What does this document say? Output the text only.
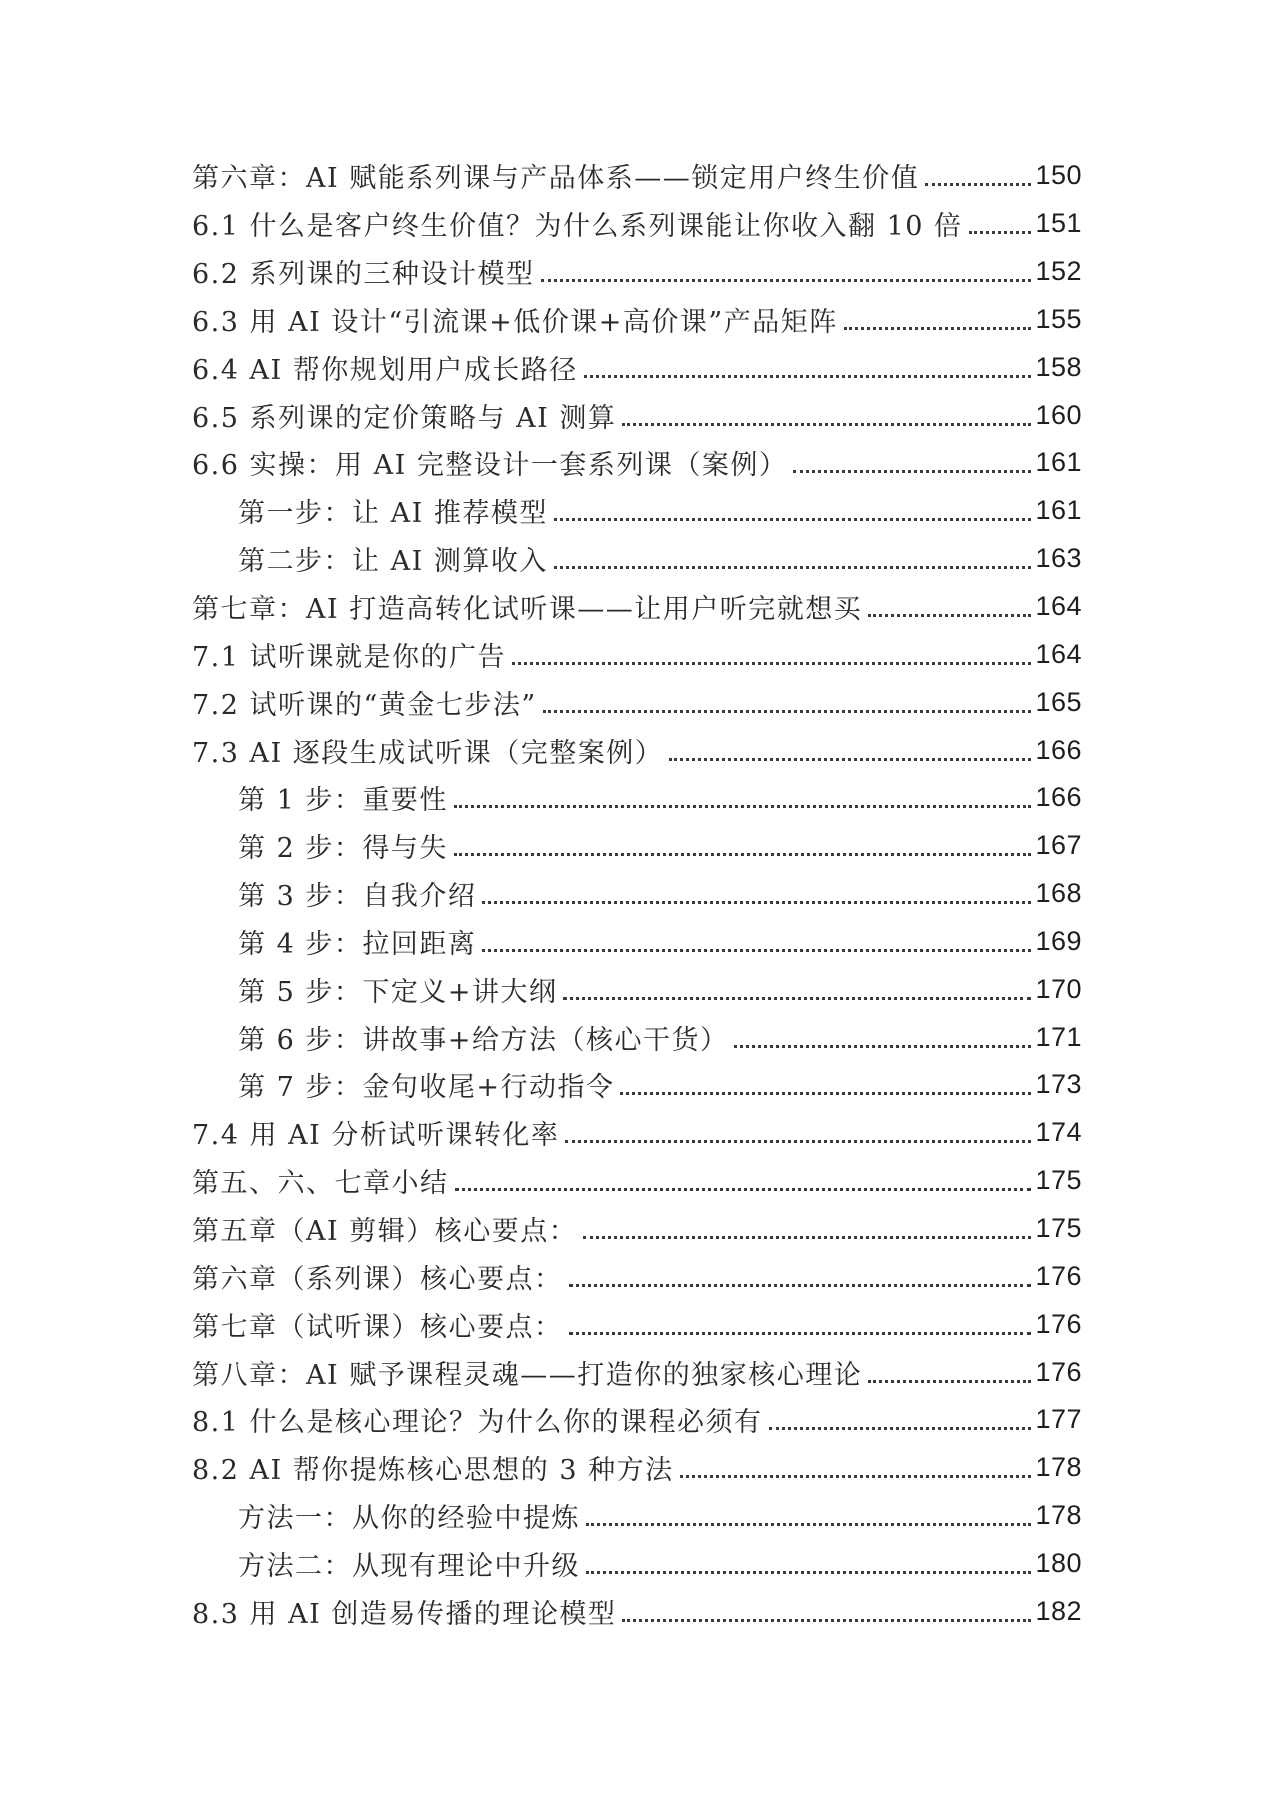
第六章：AI 赋能系列课与产品体系——锁定用户终生价值	150
6.1 什么是客户终生价值？为什么系列课能让你收入翻 10 倍	151
6.2 系列课的三种设计模型	152
6.3 用 AI 设计“引流课+低价课+高价课”产品矩阵	155
6.4 AI 帮你规划用户成长路径	158
6.5 系列课的定价策略与 AI 测算	160
6.6 实操：用 AI 完整设计一套系列课（案例）	161
第一步：让 AI 推荐模型	161
第二步：让 AI 测算收入	163
第七章：AI 打造高转化试听课——让用户听完就想买	164
7.1 试听课就是你的广告	164
7.2 试听课的“黄金七步法”	165
7.3 AI 逐段生成试听课（完整案例）	166
第 1 步：重要性	166
第 2 步：得与失	167
第 3 步：自我介绍	168
第 4 步：拉回距离	169
第 5 步：下定义+讲大纲	170
第 6 步：讲故事+给方法（核心干货）	171
第 7 步：金句收尾+行动指令	173
7.4 用 AI 分析试听课转化率	174
第五、六、七章小结	175
第五章（AI 剪辑）核心要点：	175
第六章（系列课）核心要点：	176
第七章（试听课）核心要点：	176
第八章：AI 赋予课程灵魂——打造你的独家核心理论	176
8.1 什么是核心理论？为什么你的课程必须有	177
8.2 AI 帮你提炼核心思想的 3 种方法	178
方法一：从你的经验中提炼	178
方法二：从现有理论中升级	180
8.3 用 AI 创造易传播的理论模型	182
